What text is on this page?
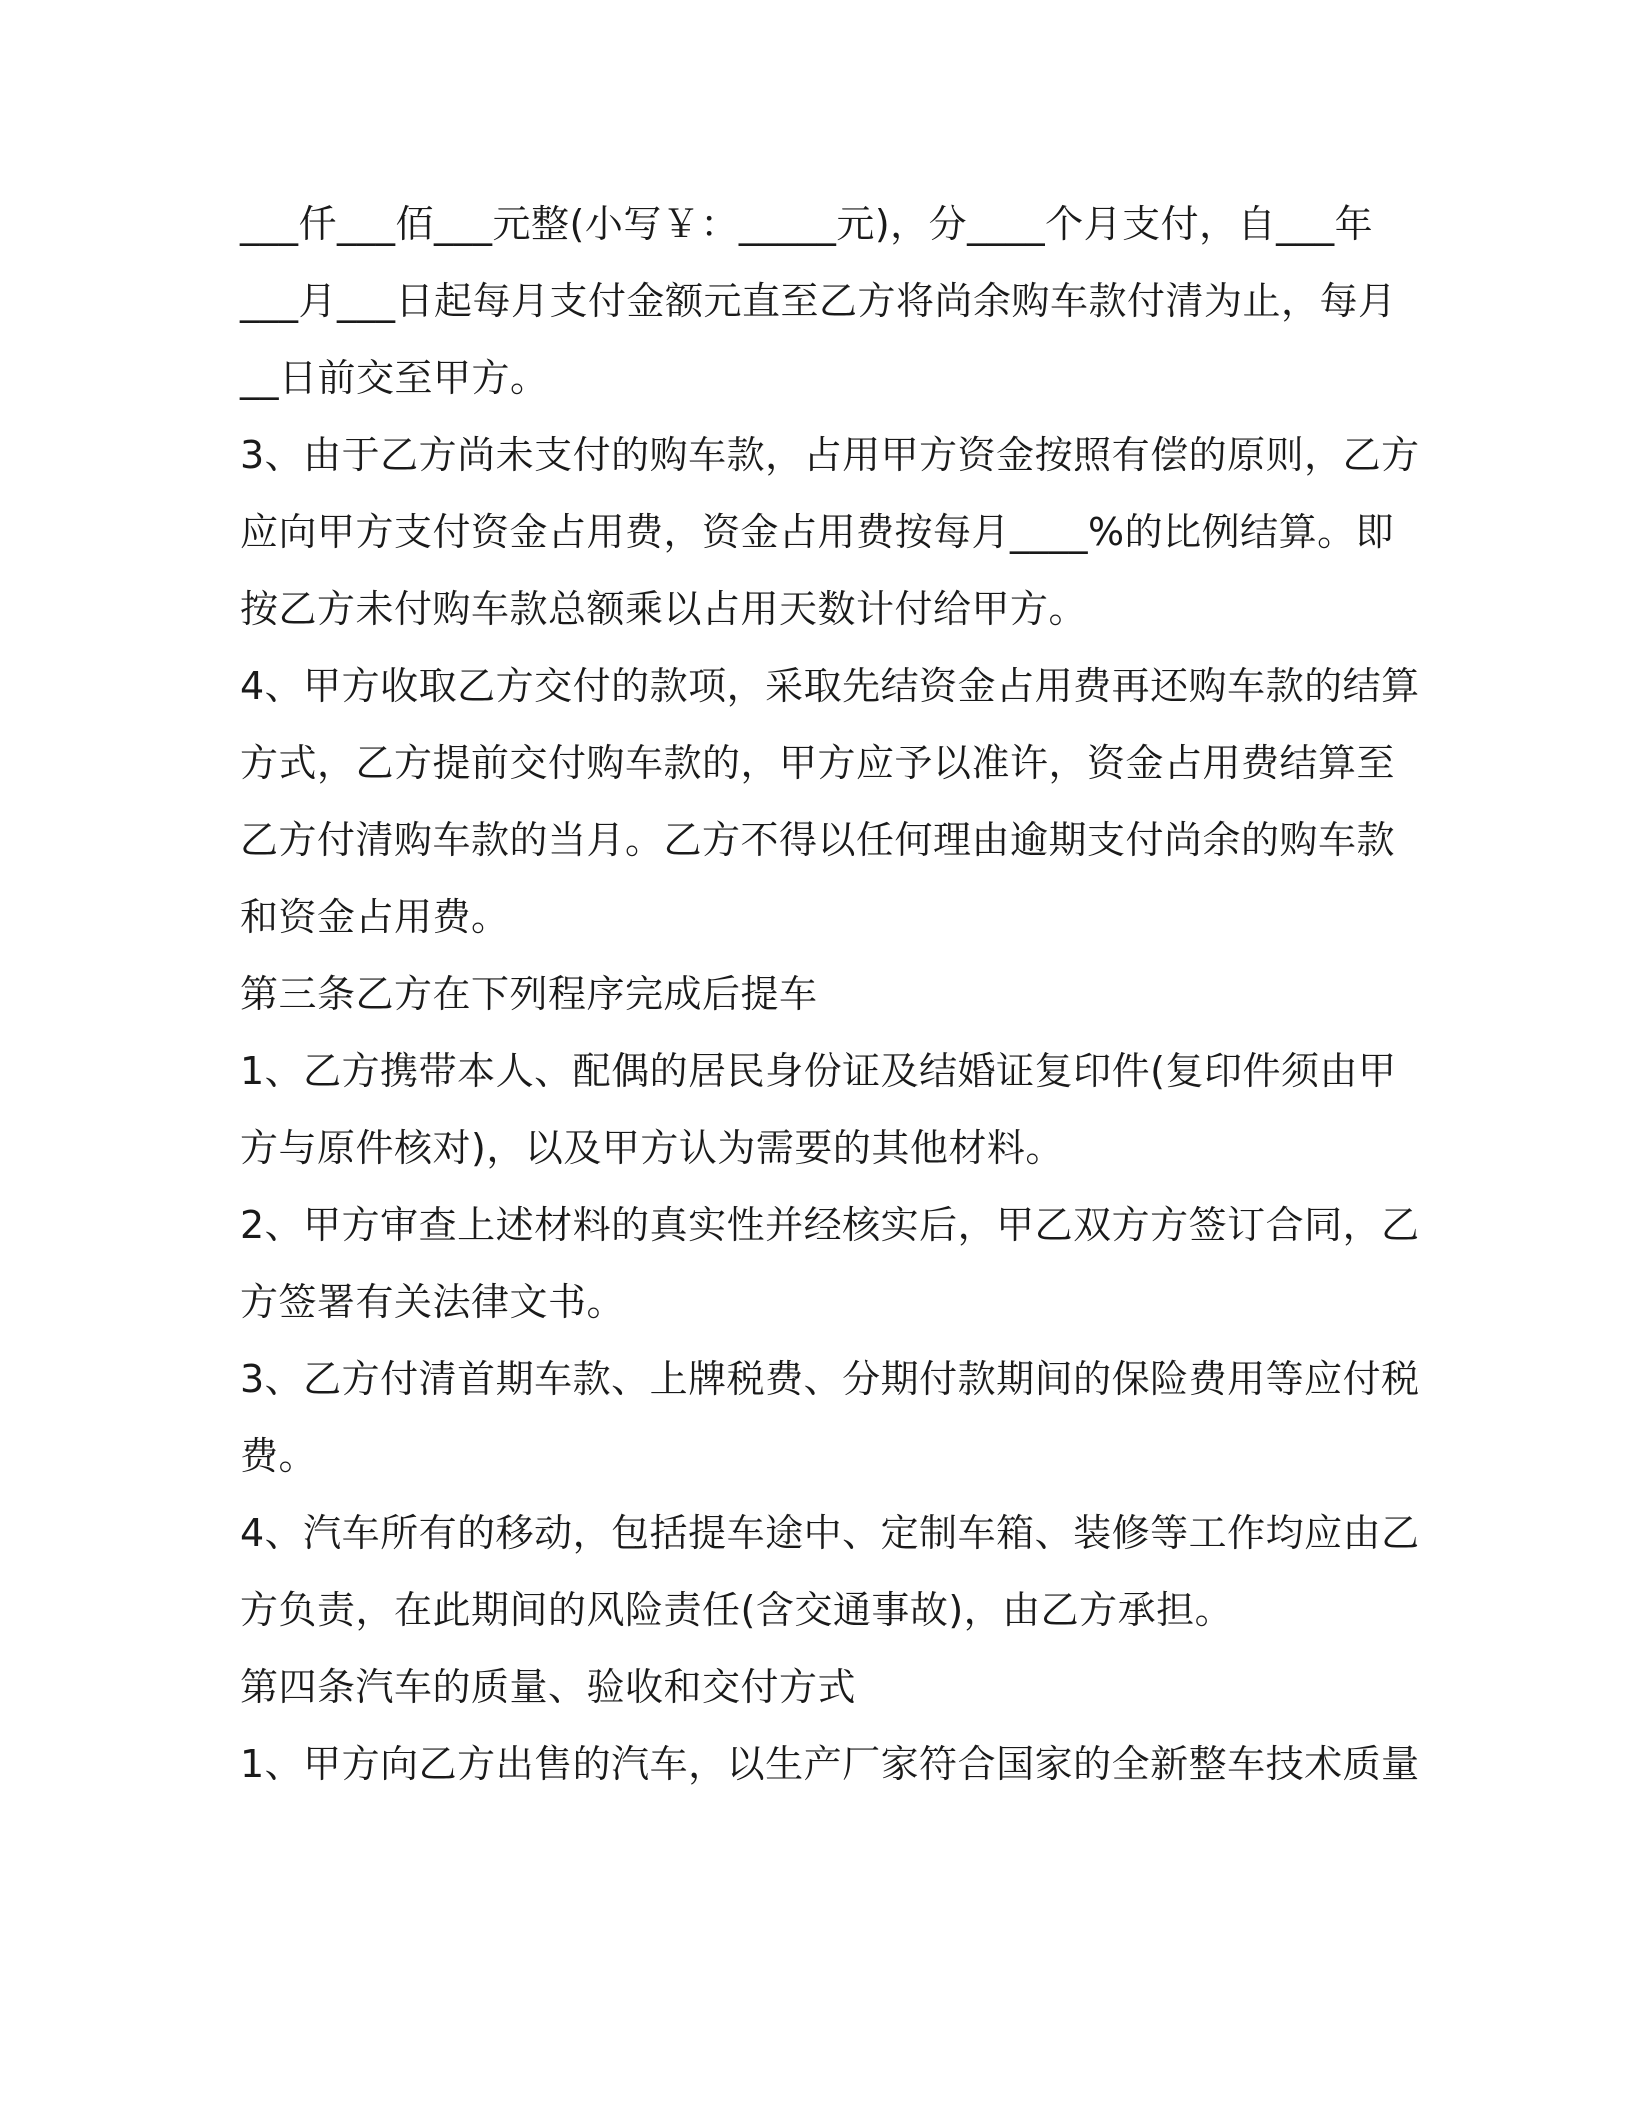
___仟___佰___元整(小写￥：_____元)，分____个月支付，自___年
___月___日起每月支付金额元直至乙方将尚余购车款付清为止，每月
__日前交至甲方。
3、由于乙方尚未支付的购车款，占用甲方资金按照有偿的原则，乙方
应向甲方支付资金占用费，资金占用费按每月____%的比例结算。即
按乙方未付购车款总额乘以占用天数计付给甲方。
4、甲方收取乙方交付的款项，采取先结资金占用费再还购车款的结算
方式，乙方提前交付购车款的，甲方应予以准许，资金占用费结算至
乙方付清购车款的当月。乙方不得以任何理由逾期支付尚余的购车款
和资金占用费。
第三条乙方在下列程序完成后提车
1、乙方携带本人、配偶的居民身份证及结婚证复印件(复印件须由甲
方与原件核对)，以及甲方认为需要的其他材料。
2、甲方审查上述材料的真实性并经核实后，甲乙双方方签订合同，乙
方签署有关法律文书。
3、乙方付清首期车款、上牌税费、分期付款期间的保险费用等应付税
费。
4、汽车所有的移动，包括提车途中、定制车箱、装修等工作均应由乙
方负责，在此期间的风险责任(含交通事故)，由乙方承担。
第四条汽车的质量、验收和交付方式
1、甲方向乙方出售的汽车，以生产厂家符合国家的全新整车技术质量
